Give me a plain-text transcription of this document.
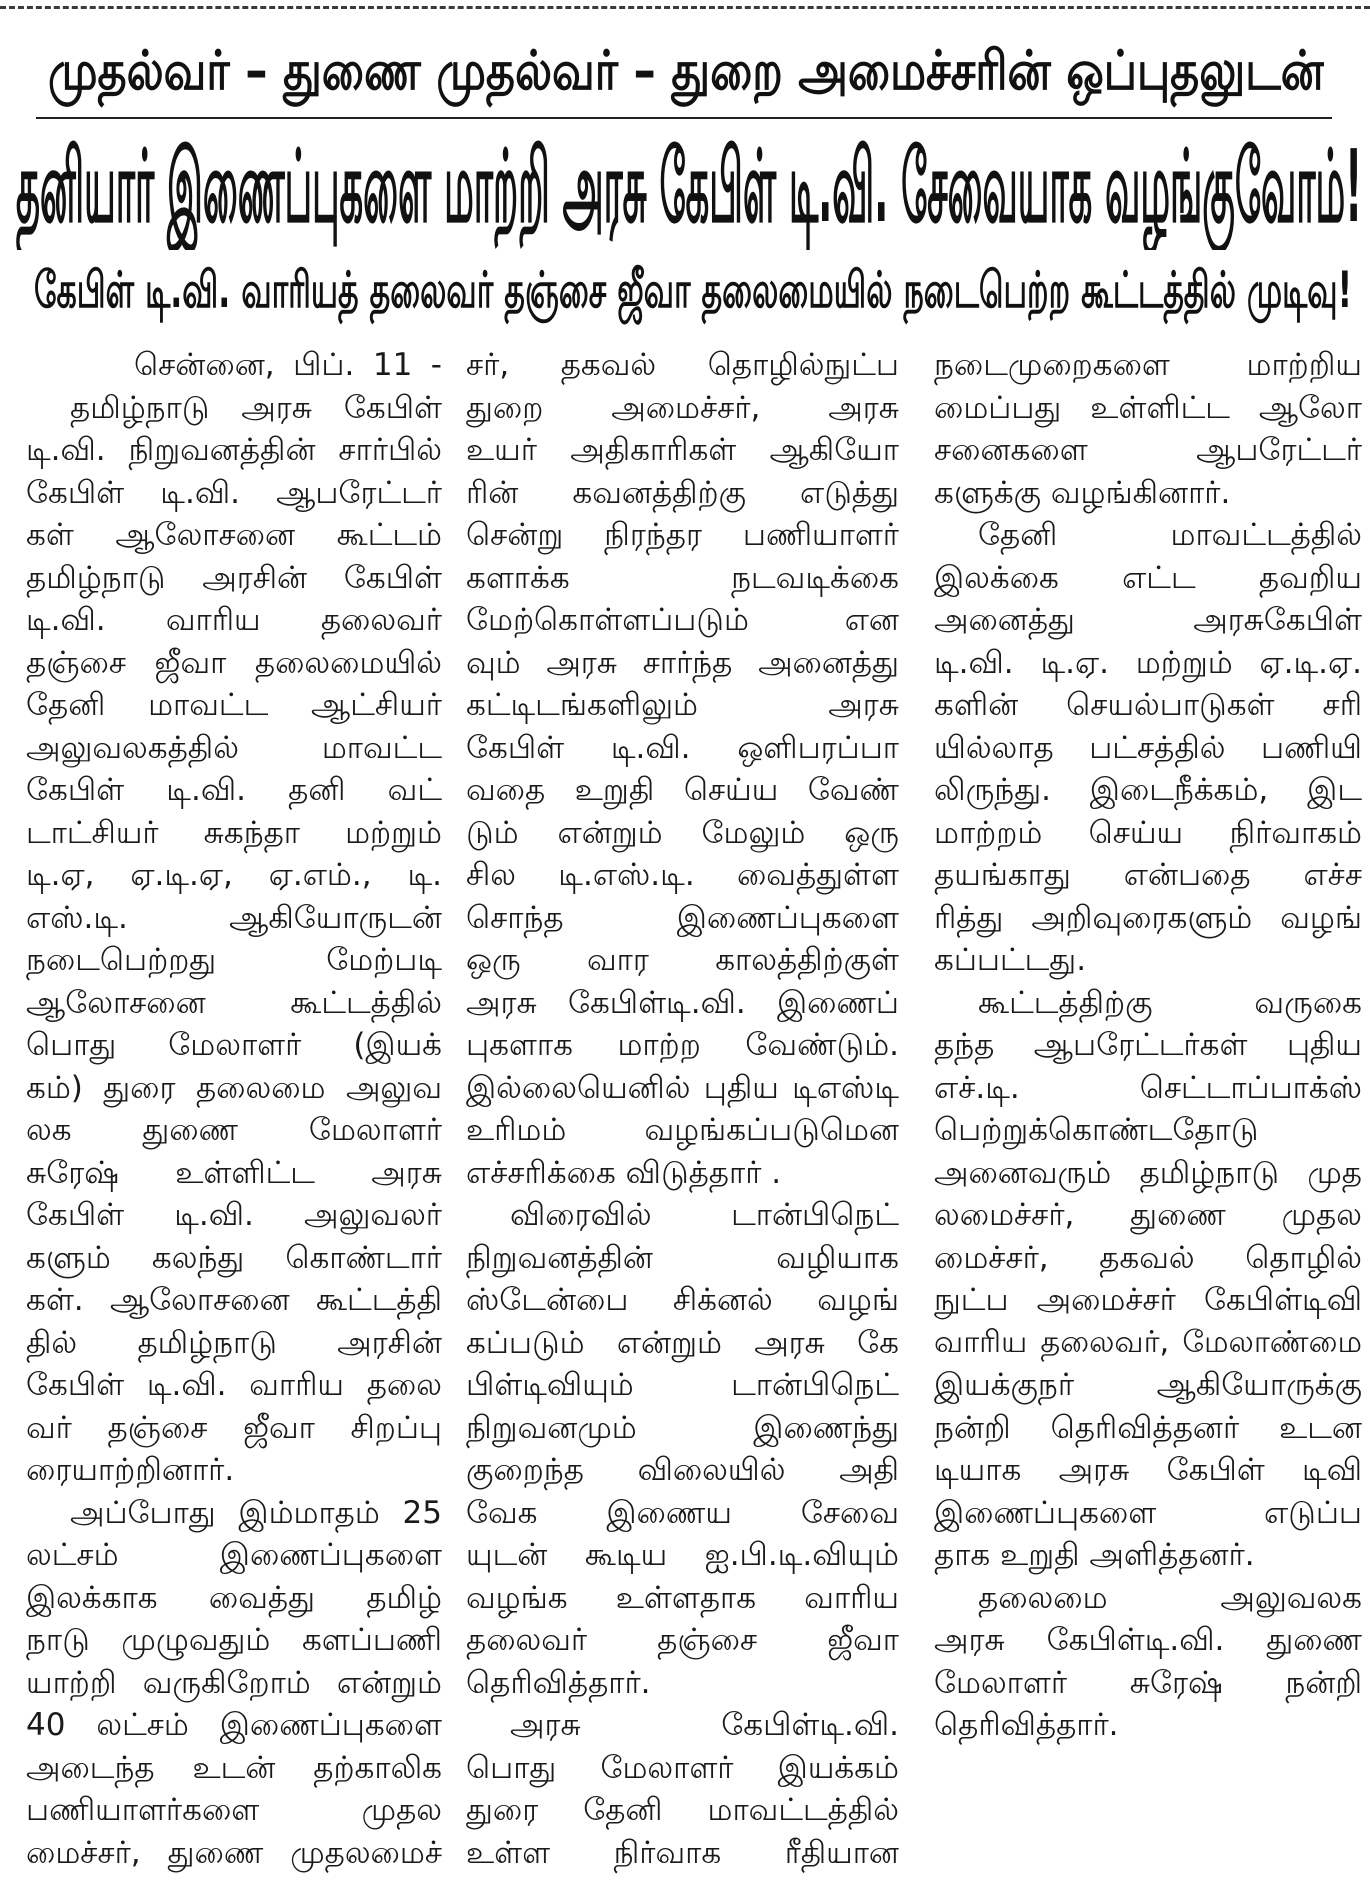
முதல்வர் – துணை முதல்வர் – துறை அமைச்சரின் ஒப்புதலுடன்
தனியார் இணைப்புகளை மாற்றி அரசு கேபிள் டி.வி. சேவையாக வழங்குவோம்!
கேபிள் டி.வி. வாரியத் தலைவர் தஞ்சை ஜீவா தலைமையில் நடைபெற்ற கூட்டத்தில் முடிவு!
சென்னை, பிப். 11 -
தமிழ்நாடு அரசு கேபிள்
டி.வி. நிறுவனத்தின் சார்பில்
கேபிள் டி.வி. ஆபரேட்டர்
கள் ஆலோசனை கூட்டம்
தமிழ்நாடு அரசின் கேபிள்
டி.வி. வாரிய தலைவர்
தஞ்சை ஜீவா தலைமையில்
தேனி மாவட்ட ஆட்சியர்
அலுவலகத்தில் மாவட்ட
கேபிள் டி.வி. தனி வட்
டாட்சியர் சுகந்தா மற்றும்
டி.ஏ, ஏ.டி.ஏ, ஏ.எம்., டி.
எஸ்.டி. ஆகியோருடன்
நடைபெற்றது மேற்படி
ஆலோசனை கூட்டத்தில்
பொது மேலாளர் (இயக்
கம்) துரை தலைமை அலுவ
லக துணை மேலாளர்
சுரேஷ் உள்ளிட்ட அரசு
கேபிள் டி.வி. அலுவலர்
களும் கலந்து கொண்டார்
கள். ஆலோசனை கூட்டத்தி
தில் தமிழ்நாடு அரசின்
கேபிள் டி.வி. வாரிய தலை
வர் தஞ்சை ஜீவா சிறப்பு
ரையாற்றினார்.
அப்போது இம்மாதம் 25
லட்சம் இணைப்புகளை
இலக்காக வைத்து தமிழ்
நாடு முழுவதும் களப்பணி
யாற்றி வருகிறோம் என்றும்
40 லட்சம் இணைப்புகளை
அடைந்த உடன் தற்காலிக
பணியாளர்களை முதல
மைச்சர், துணை முதலமைச்
சர், தகவல் தொழில்நுட்ப
துறை அமைச்சர், அரசு
உயர் அதிகாரிகள் ஆகியோ
ரின் கவனத்திற்கு எடுத்து
சென்று நிரந்தர பணியாளர்
களாக்க நடவடிக்கை
மேற்கொள்ளப்படும் என
வும் அரசு சார்ந்த அனைத்து
கட்டிடங்களிலும் அரசு
கேபிள் டி.வி. ஒளிபரப்பா
வதை உறுதி செய்ய வேண்
டும் என்றும் மேலும் ஒரு
சில டி.எஸ்.டி. வைத்துள்ள
சொந்த இணைப்புகளை
ஒரு வார காலத்திற்குள்
அரசு கேபிள்டி.வி. இணைப்
புகளாக மாற்ற வேண்டும்.
இல்லையெனில் புதிய டிஎஸ்டி
உரிமம் வழங்கப்படுமென
எச்சரிக்கை விடுத்தார் .
விரைவில் டான்பிநெட்
நிறுவனத்தின் வழியாக
ஸ்டேன்பை சிக்னல் வழங்
கப்படும் என்றும் அரசு கே
பிள்டிவியும் டான்பிநெட்
நிறுவனமும் இணைந்து
குறைந்த விலையில் அதி
வேக இணைய சேவை
யுடன் கூடிய ஐ.பி.டி.வியும்
வழங்க உள்ளதாக வாரிய
தலைவர் தஞ்சை ஜீவா
தெரிவித்தார்.
அரசு கேபிள்டி.வி.
பொது மேலாளர் இயக்கம்
துரை தேனி மாவட்டத்தில்
உள்ள நிர்வாக ரீதியான
நடைமுறைகளை மாற்றிய
மைப்பது உள்ளிட்ட ஆலோ
சனைகளை ஆபரேட்டர்
களுக்கு வழங்கினார்.
தேனி மாவட்டத்தில்
இலக்கை எட்ட தவறிய
அனைத்து அரசுகேபிள்
டி.வி. டி.ஏ. மற்றும் ஏ.டி.ஏ.
களின் செயல்பாடுகள் சரி
யில்லாத பட்சத்தில் பணியி
லிருந்து. இடைநீக்கம், இட
மாற்றம் செய்ய நிர்வாகம்
தயங்காது என்பதை எச்ச
ரித்து அறிவுரைகளும் வழங்
கப்பட்டது.
கூட்டத்திற்கு வருகை
தந்த ஆபரேட்டர்கள் புதிய
எச்.டி. செட்டாப்பாக்ஸ்
பெற்றுக்கொண்டதோடு
அனைவரும் தமிழ்நாடு முத
லமைச்சர், துணை முதல
மைச்சர், தகவல் தொழில்
நுட்ப அமைச்சர் கேபிள்டிவி
வாரிய தலைவர், மேலாண்மை
இயக்குநர் ஆகியோருக்கு
நன்றி தெரிவித்தனர் உடன
டியாக அரசு கேபிள் டிவி
இணைப்புகளை எடுப்ப
தாக உறுதி அளித்தனர்.
தலைமை அலுவலக
அரசு கேபிள்டி.வி. துணை
மேலாளர் சுரேஷ் நன்றி
தெரிவித்தார்.
